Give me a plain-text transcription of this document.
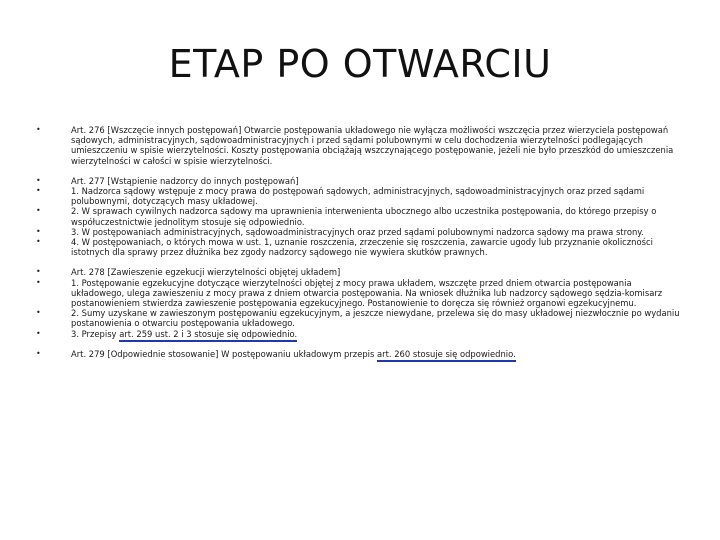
ETAP PO OTWARCIU

•	Art. 276 [Wszczęcie innych postępowań] Otwarcie postępowania układowego nie wyłącza możliwości wszczęcia przez wierzyciela postępowań sądowych, administracyjnych, sądowoadministracyjnych i przed sądami polubownymi w celu dochodzenia wierzytelności podlegających umieszczeniu w spisie wierzytelności. Koszty postępowania obciążają wszczynającego postępowanie, jeżeli nie było przeszkód do umieszczenia wierzytelności w całości w spisie wierzytelności.

•	Art. 277 [Wstąpienie nadzorcy do innych postępowań]

•	1. Nadzorca sądowy wstępuje z mocy prawa do postępowań sądowych, administracyjnych, sądowoadministracyjnych oraz przed sądami polubownymi, dotyczących masy układowej.

•	2. W sprawach cywilnych nadzorca sądowy ma uprawnienia interwenienta ubocznego albo uczestnika postępowania, do którego przepisy o współuczestnictwie jednolitym stosuje się odpowiednio.

•	3. W postępowaniach administracyjnych, sądowoadministracyjnych oraz przed sądami polubownymi nadzorca sądowy ma prawa strony.

•	4. W postępowaniach, o których mowa w ust. 1, uznanie roszczenia, zrzeczenie się roszczenia, zawarcie ugody lub przyznanie okoliczności istotnych dla sprawy przez dłużnika bez zgody nadzorcy sądowego nie wywiera skutków prawnych.

•	Art. 278 [Zawieszenie egzekucji wierzytelności objętej układem]

•	1. Postępowanie egzekucyjne dotyczące wierzytelności objętej z mocy prawa układem, wszczęte przed dniem otwarcia postępowania układowego, ulega zawieszeniu z mocy prawa z dniem otwarcia postępowania. Na wniosek dłużnika lub nadzorcy sądowego sędzia-komisarz postanowieniem stwierdza zawieszenie postępowania egzekucyjnego. Postanowienie to doręcza się również organowi egzekucyjnemu.

•	2. Sumy uzyskane w zawieszonym postępowaniu egzekucyjnym, a jeszcze niewydane, przelewa się do masy układowej niezwłocznie po wydaniu postanowienia o otwarciu postępowania układowego.

•	3. Przepisy art. 259 ust. 2 i 3 stosuje się odpowiednio.

•	Art. 279 [Odpowiednie stosowanie] W postępowaniu układowym przepis art. 260 stosuje się odpowiednio.
